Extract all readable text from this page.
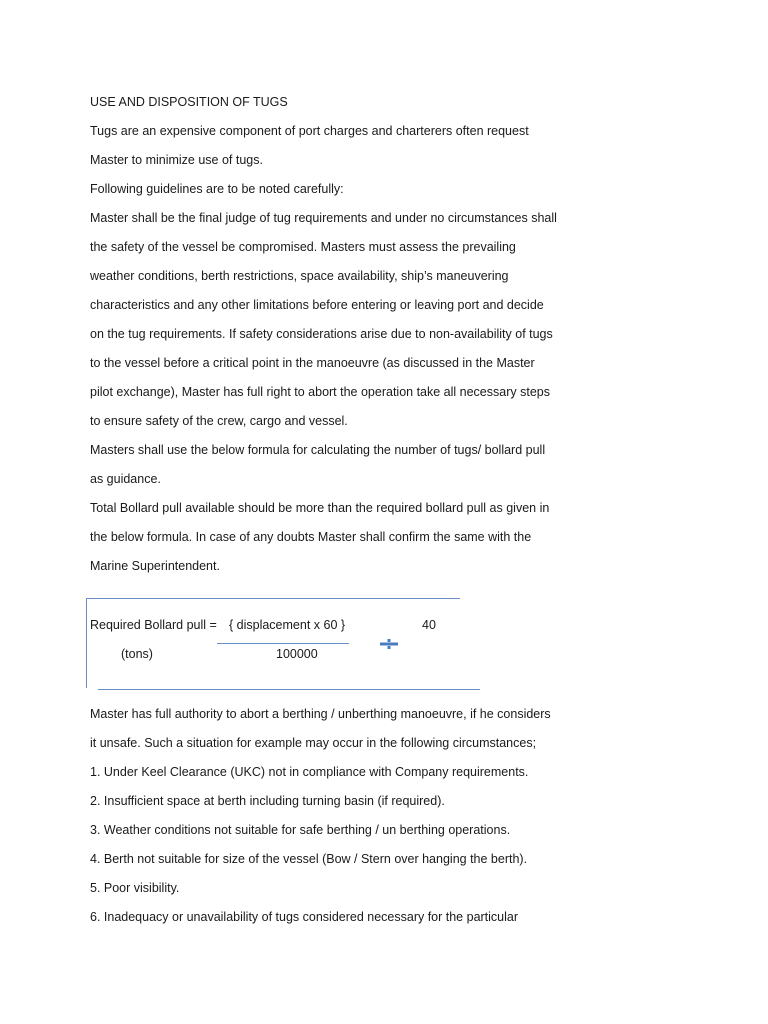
USE AND DISPOSITION OF TUGS
Tugs are an expensive component of port charges and charterers often request
Master to minimize use of tugs.
Following guidelines are to be noted carefully:
Master shall be the final judge of tug requirements and under no circumstances shall
the safety of the vessel be compromised. Masters must assess the prevailing
weather conditions, berth restrictions, space availability, ship’s maneuvering
characteristics and any other limitations before entering or leaving port and decide
on the tug requirements. If safety considerations arise due to non-availability of tugs
to the vessel before a critical point in the manoeuvre (as discussed in the Master
pilot exchange), Master has full right to abort the operation take all necessary steps
to ensure safety of the crew, cargo and vessel.
Masters shall use the below formula for calculating the number of tugs/ bollard pull
as guidance.
Total Bollard pull available should be more than the required bollard pull as given in
the below formula. In case of any doubts Master shall confirm the same with the
Marine Superintendent.
Required Bollard pull = { displacement x 60 }	40
(tons)	100000
Master has full authority to abort a berthing / unberthing manoeuvre, if he considers
it unsafe. Such a situation for example may occur in the following circumstances;
1. Under Keel Clearance (UKC) not in compliance with Company requirements.
2. Insufficient space at berth including turning basin (if required).
3. Weather conditions not suitable for safe berthing / un berthing operations.
4. Berth not suitable for size of the vessel (Bow / Stern over hanging the berth).
5. Poor visibility.
6. Inadequacy or unavailability of tugs considered necessary for the particular
